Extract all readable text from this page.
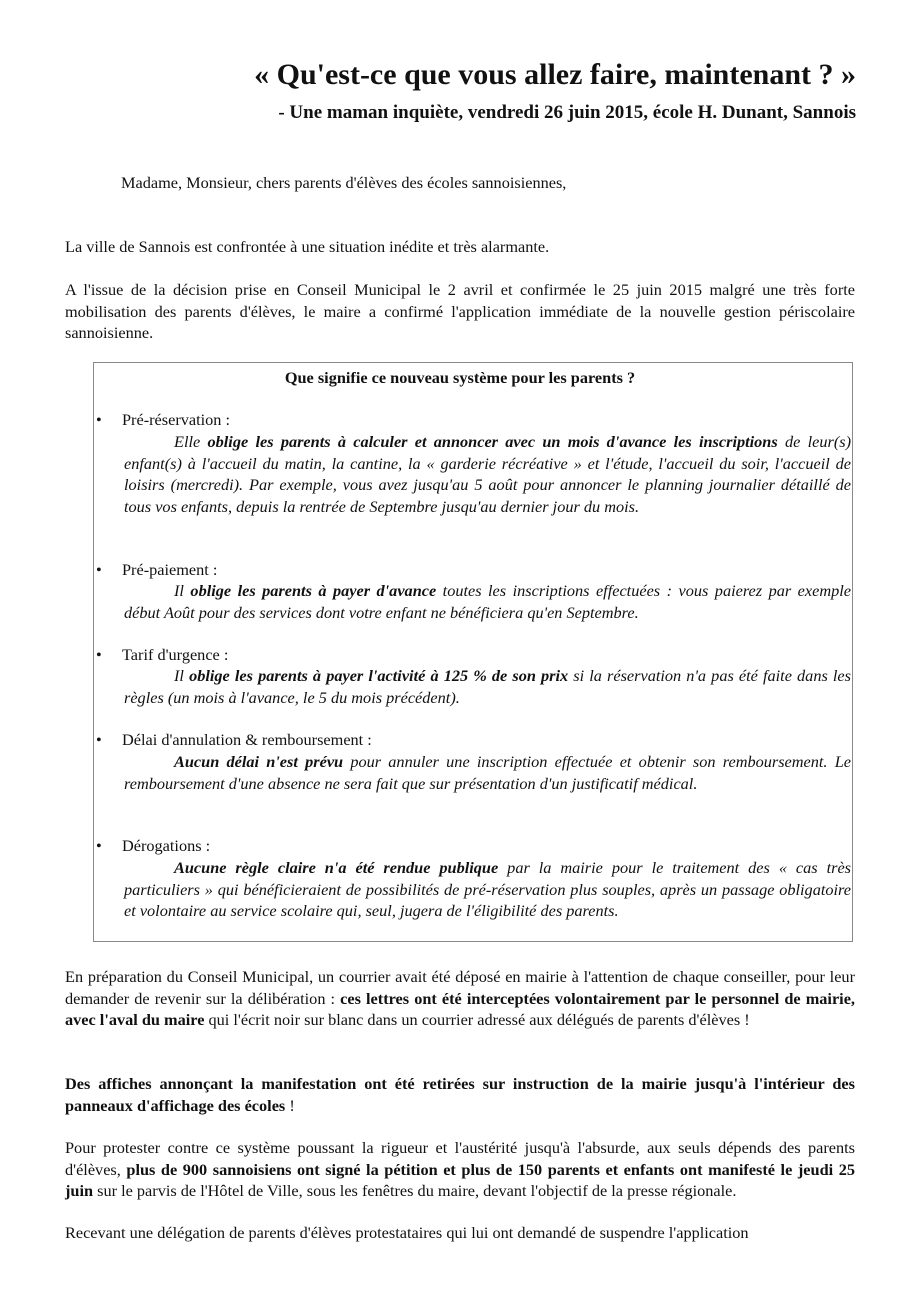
« Qu'est-ce que vous allez faire, maintenant ? »
- Une maman inquiète, vendredi 26 juin 2015, école H. Dunant, Sannois
Madame, Monsieur, chers parents d'élèves des écoles sannoisiennes,
La ville de Sannois est confrontée à une situation inédite et très alarmante.
A l'issue de la décision prise en Conseil Municipal le 2 avril et confirmée le 25 juin 2015 malgré une très forte mobilisation des parents d'élèves, le maire a confirmé l'application immédiate de la nouvelle gestion périscolaire sannoisienne.
Que signifie ce nouveau système pour les parents ?
• Pré-réservation :
Elle oblige les parents à calculer et annoncer avec un mois d'avance les inscriptions de leur(s) enfant(s) à l'accueil du matin, la cantine, la « garderie récréative » et l'étude, l'accueil du soir, l'accueil de loisirs (mercredi). Par exemple, vous avez jusqu'au 5 août pour annoncer le planning journalier détaillé de tous vos enfants, depuis la rentrée de Septembre jusqu'au dernier jour du mois.
• Pré-paiement :
Il oblige les parents à payer d'avance toutes les inscriptions effectuées : vous paierez par exemple début Août pour des services dont votre enfant ne bénéficiera qu'en Septembre.
• Tarif d'urgence :
Il oblige les parents à payer l'activité à 125 % de son prix si la réservation n'a pas été faite dans les règles (un mois à l'avance, le 5 du mois précédent).
• Délai d'annulation & remboursement :
Aucun délai n'est prévu pour annuler une inscription effectuée et obtenir son remboursement. Le remboursement d'une absence ne sera fait que sur présentation d'un justificatif médical.
• Dérogations :
Aucune règle claire n'a été rendue publique par la mairie pour le traitement des « cas très particuliers » qui bénéficieraient de possibilités de pré-réservation plus souples, après un passage obligatoire et volontaire au service scolaire qui, seul, jugera de l'éligibilité des parents.
En préparation du Conseil Municipal, un courrier avait été déposé en mairie à l'attention de chaque conseiller, pour leur demander de revenir sur la délibération : ces lettres ont été interceptées volontairement par le personnel de mairie, avec l'aval du maire qui l'écrit noir sur blanc dans un courrier adressé aux délégués de parents d'élèves !
Des affiches annonçant la manifestation ont été retirées sur instruction de la mairie jusqu'à l'intérieur des panneaux d'affichage des écoles !
Pour protester contre ce système poussant la rigueur et l'austérité jusqu'à l'absurde, aux seuls dépends des parents d'élèves, plus de 900 sannoisiens ont signé la pétition et plus de 150 parents et enfants ont manifesté le jeudi 25 juin sur le parvis de l'Hôtel de Ville, sous les fenêtres du maire, devant l'objectif de la presse régionale.
Recevant une délégation de parents d'élèves protestataires qui lui ont demandé de suspendre l'application
